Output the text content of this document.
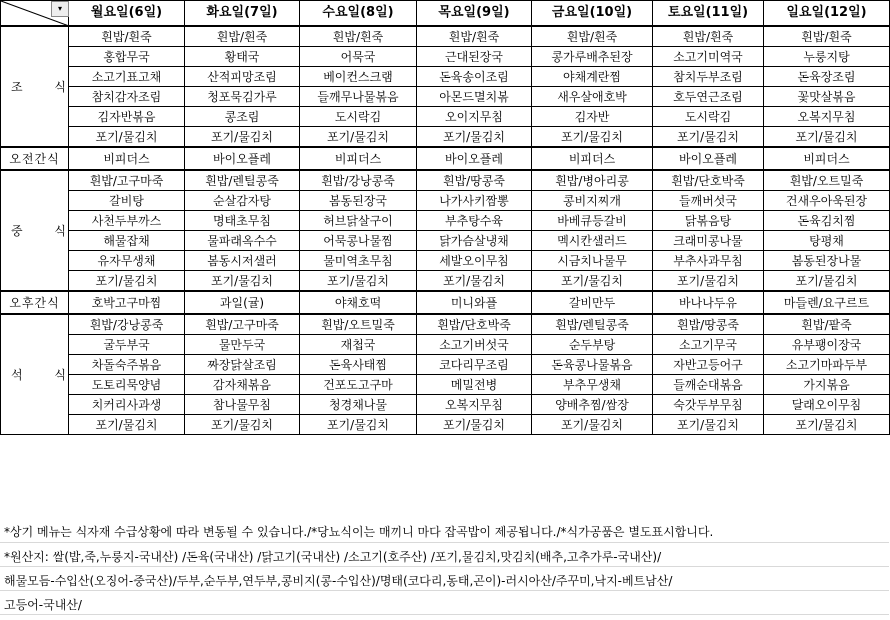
▾	월요일(6일)	화요일(7일)	수요일(8일)	목요일(9일)	금요일(10일)	토요일(11일)	일요일(12일)
조 식	흰밥/흰죽	흰밥/흰죽	흰밥/흰죽	흰밥/흰죽	흰밥/흰죽	흰밥/흰죽	흰밥/흰죽
	홍합무국	황태국	어묵국	근대된장국	콩가루배추된장	소고기미역국	누룽지탕
	소고기표고채	산적피망조림	베이컨스크램	돈육송이조림	야채계란찜	참치두부조림	돈육장조림
	참치감자조림	청포묵김가루	들깨무나물볶음	아몬드멸치볶	새우살애호박	호두연근조림	꽃맛살볶음
	김자반볶음	콩조림	도시락김	오이지무침	김자반	도시락김	오복지무침
	포기/물김치	포기/물김치	포기/물김치	포기/물김치	포기/물김치	포기/물김치	포기/물김치
오전간식	비피더스	바이오플레	비피더스	바이오플레	비피더스	바이오플레	비피더스
중 식	흰밥/고구마죽	흰밥/렌틸콩죽	흰밥/강낭콩죽	흰밥/땅콩죽	흰밥/병아리콩	흰밥/단호박죽	흰밥/오트밀죽
	갈비탕	순살감자탕	봄동된장국	나가사키짬뽕	콩비지찌개	들깨버섯국	건새우아욱된장
	사천두부까스	명태초무침	허브닭살구이	부추탕수육	바베큐등갈비	닭볶음탕	돈육김치찜
	해물잡채	물파래옥수수	어묵콩나물찜	닭가슴살냉채	멕시칸샐러드	크래미콩나물	탕평채
	유자무생채	봄동시저샐러	물미역초무침	세발오이무침	시금치나물무	부추사과무침	봄동된장나물
	포기/물김치	포기/물김치	포기/물김치	포기/물김치	포기/물김치	포기/물김치	포기/물김치
오후간식	호박고구마찜	과일(귤)	야채호떡	미니와플	갈비만두	바나나두유	마들렌/요구르트
석 식	흰밥/강낭콩죽	흰밥/고구마죽	흰밥/오트밀죽	흰밥/단호박죽	흰밥/렌틸콩죽	흰밥/땅콩죽	흰밥/팥죽
	굴두부국	물만두국	재첩국	소고기버섯국	순두부탕	소고기무국	유부팽이장국
	차돌숙주볶음	짜장닭살조림	돈육사태찜	코다리무조림	돈육콩나물볶음	자반고등어구	소고기마파두부
	도토리묵양념	감자채볶음	건포도고구마	메밀전병	부추무생채	들깨순대볶음	가지볶음
	치커리사과생	참나물무침	청경채나물	오복지무침	양배추찜/쌈장	숙갓두부무침	달래오이무침
	포기/물김치	포기/물김치	포기/물김치	포기/물김치	포기/물김치	포기/물김치	포기/물김치
*상기 메뉴는 식자재 수급상황에 따라 변동될 수 있습니다./*당뇨식이는 매끼니 마다 잡곡밥이 제공됩니다./*식가공품은 별도표시합니다.
*원산지: 쌀(밥,죽,누룽지-국내산) /돈육(국내산) /닭고기(국내산) /소고기(호주산) /포기,물김치,맛김치(배추,고추가루-국내산)/
해물모듬-수입산(오징어-중국산)/두부,순두부,연두부,콩비지(콩-수입산)/명태(코다리,동태,곤이)-러시아산/주꾸미,낙지-베트남산/
고등어-국내산/
